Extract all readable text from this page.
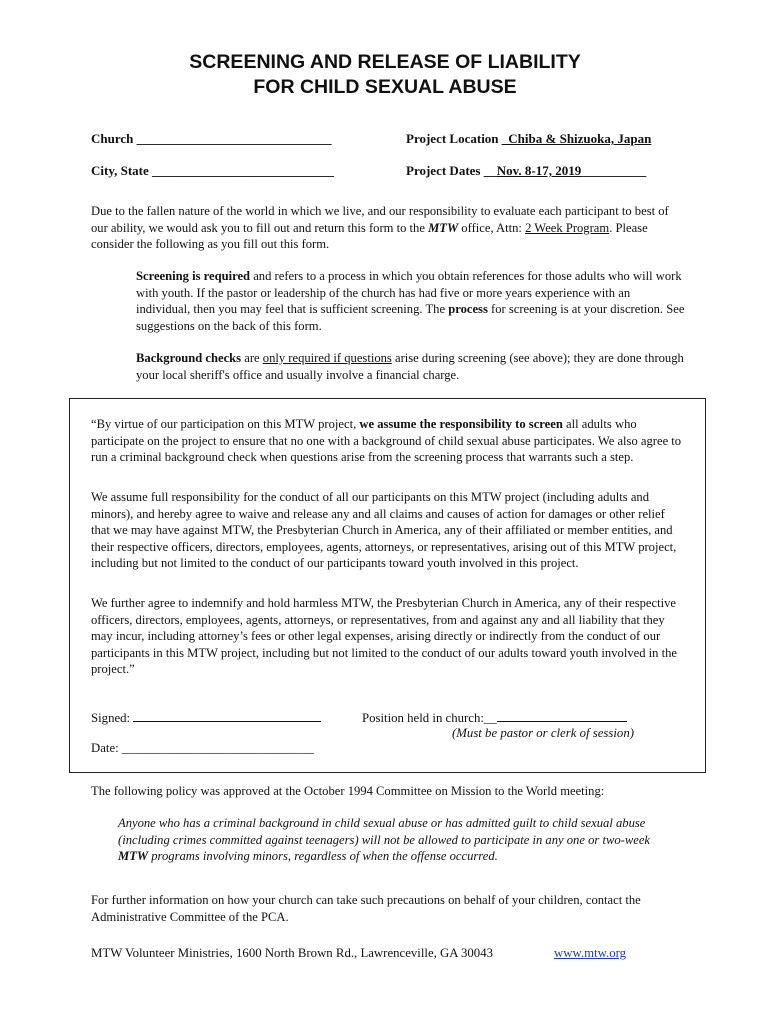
SCREENING AND RELEASE OF LIABILITY
FOR CHILD SEXUAL ABUSE
Church ______________________________	Project Location _Chiba & Shizuoka, Japan
City, State ____________________________	Project Dates __Nov. 8-17, 2019__________
Due to the fallen nature of the world in which we live, and our responsibility to evaluate each participant to best of our ability, we would ask you to fill out and return this form to the MTW office, Attn: 2 Week Program. Please consider the following as you fill out this form.
Screening is required and refers to a process in which you obtain references for those adults who will work with youth. If the pastor or leadership of the church has had five or more years experience with an individual, then you may feel that is sufficient screening. The process for screening is at your discretion. See suggestions on the back of this form.
Background checks are only required if questions arise during screening (see above); they are done through your local sheriff's office and usually involve a financial charge.
“By virtue of our participation on this MTW project, we assume the responsibility to screen all adults who participate on the project to ensure that no one with a background of child sexual abuse participates. We also agree to run a criminal background check when questions arise from the screening process that warrants such a step.
We assume full responsibility for the conduct of all our participants on this MTW project (including adults and minors), and hereby agree to waive and release any and all claims and causes of action for damages or other relief that we may have against MTW, the Presbyterian Church in America, any of their affiliated or member entities, and their respective officers, directors, employees, agents, attorneys, or representatives, arising out of this MTW project, including but not limited to the conduct of our participants toward youth involved in this project.
We further agree to indemnify and hold harmless MTW, the Presbyterian Church in America, any of their respective officers, directors, employees, agents, attorneys, or representatives, from and against any and all liability that they may incur, including attorney’s fees or other legal expenses, arising directly or indirectly from the conduct of our participants in this MTW project, including but not limited to the conduct of our adults toward youth involved in the project.”
Signed:	Position held in church:__
(Must be pastor or clerk of session)
Date: ______________________________
The following policy was approved at the October 1994 Committee on Mission to the World meeting:
Anyone who has a criminal background in child sexual abuse or has admitted guilt to child sexual abuse (including crimes committed against teenagers) will not be allowed to participate in any one or two-week MTW programs involving minors, regardless of when the offense occurred.
For further information on how your church can take such precautions on behalf of your children, contact the Administrative Committee of the PCA.
MTW Volunteer Ministries, 1600 North Brown Rd., Lawrenceville, GA 30043	www.mtw.org
